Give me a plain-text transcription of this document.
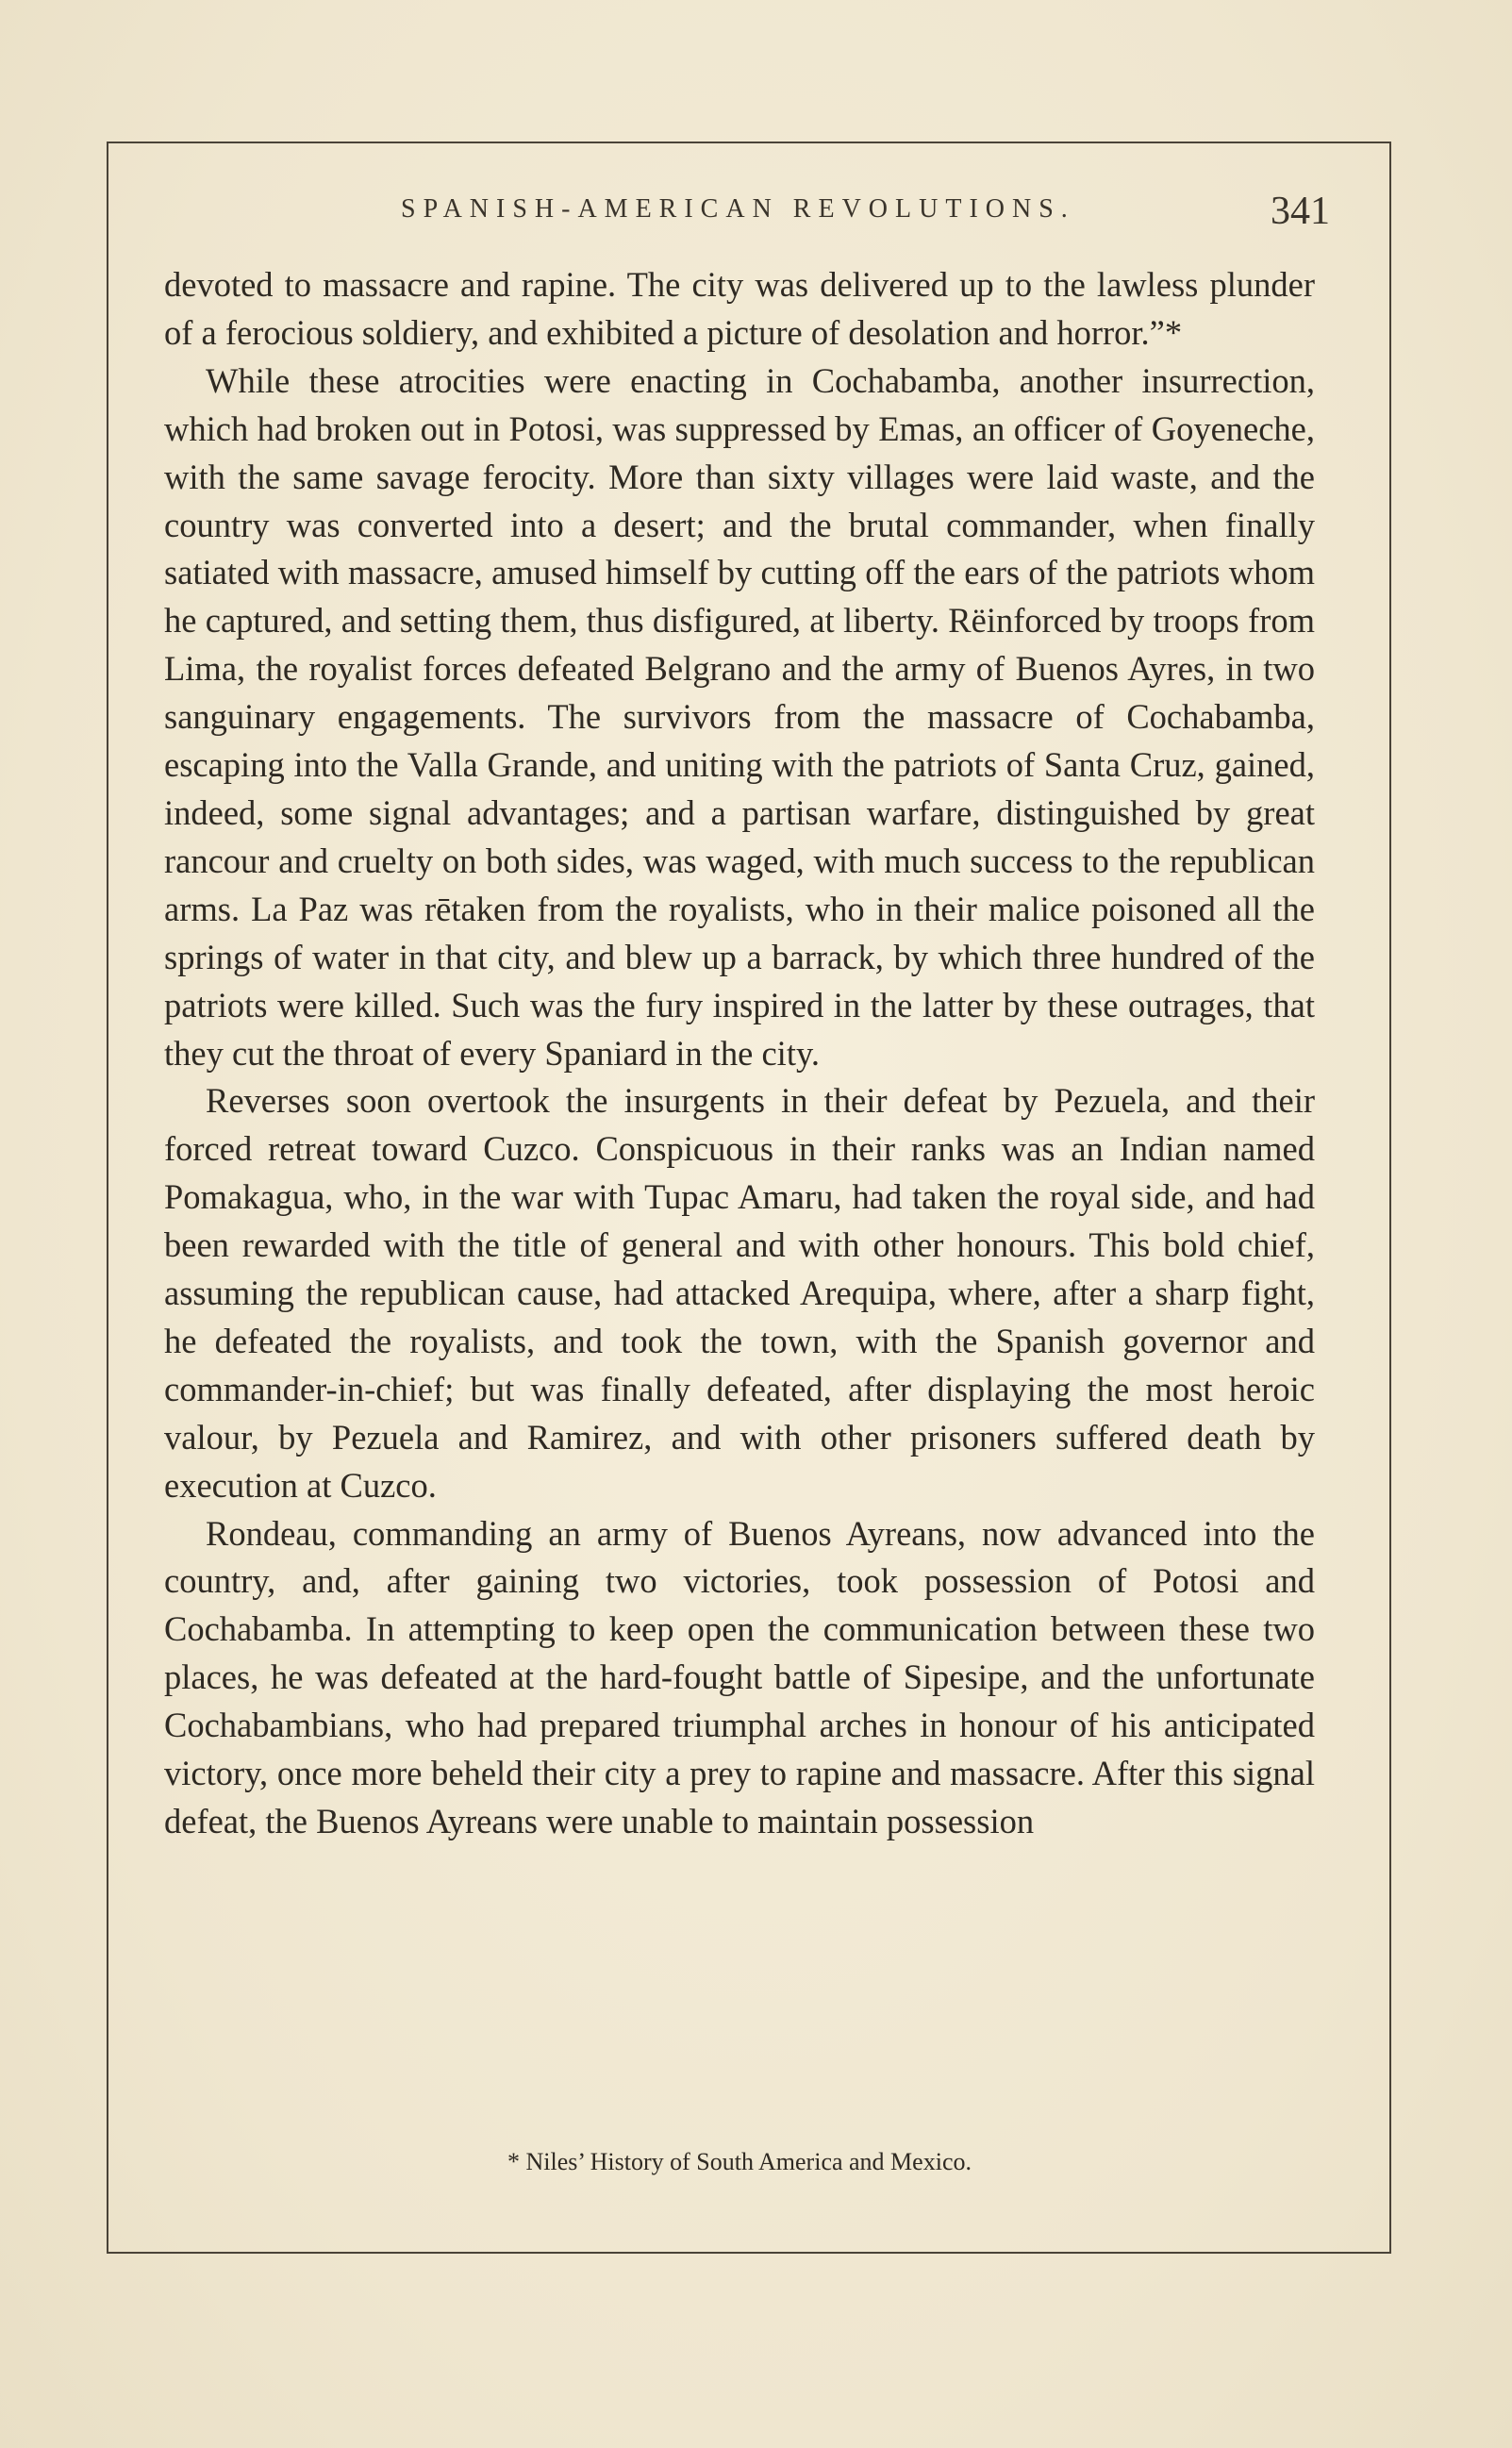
SPANISH-AMERICAN REVOLUTIONS.	341

devoted to massacre and rapine. The city was delivered up to the lawless plunder of a ferocious soldiery, and exhibited a picture of desolation and horror.”*

While these atrocities were enacting in Cochabamba, another insurrection, which had broken out in Potosi, was suppressed by Emas, an officer of Goyeneche, with the same savage ferocity. More than sixty villages were laid waste, and the country was converted into a desert; and the brutal commander, when finally satiated with massacre, amused himself by cutting off the ears of the patriots whom he captured, and setting them, thus disfigured, at liberty. Rëinforced by troops from Lima, the royalist forces defeated Belgrano and the army of Buenos Ayres, in two sanguinary engagements. The survivors from the massacre of Cochabamba, escaping into the Valla Grande, and uniting with the patriots of Santa Cruz, gained, indeed, some signal advantages; and a partisan warfare, distinguished by great rancour and cruelty on both sides, was waged, with much success to the republican arms. La Paz was rētaken from the royalists, who in their malice poisoned all the springs of water in that city, and blew up a barrack, by which three hundred of the patriots were killed. Such was the fury inspired in the latter by these outrages, that they cut the throat of every Spaniard in the city.

Reverses soon overtook the insurgents in their defeat by Pezuela, and their forced retreat toward Cuzco. Conspicuous in their ranks was an Indian named Pomakagua, who, in the war with Tupac Amaru, had taken the royal side, and had been rewarded with the title of general and with other honours. This bold chief, assuming the republican cause, had attacked Arequipa, where, after a sharp fight, he defeated the royalists, and took the town, with the Spanish governor and commander-in-chief; but was finally defeated, after displaying the most heroic valour, by Pezuela and Ramirez, and with other prisoners suffered death by execution at Cuzco.

Rondeau, commanding an army of Buenos Ayreans, now advanced into the country, and, after gaining two victories, took possession of Potosi and Cochabamba. In attempting to keep open the communication between these two places, he was defeated at the hard-fought battle of Sipesipe, and the unfortunate Cochabambians, who had prepared triumphal arches in honour of his anticipated victory, once more beheld their city a prey to rapine and massacre. After this signal defeat, the Buenos Ayreans were unable to maintain possession

* Niles’ History of South America and Mexico.
